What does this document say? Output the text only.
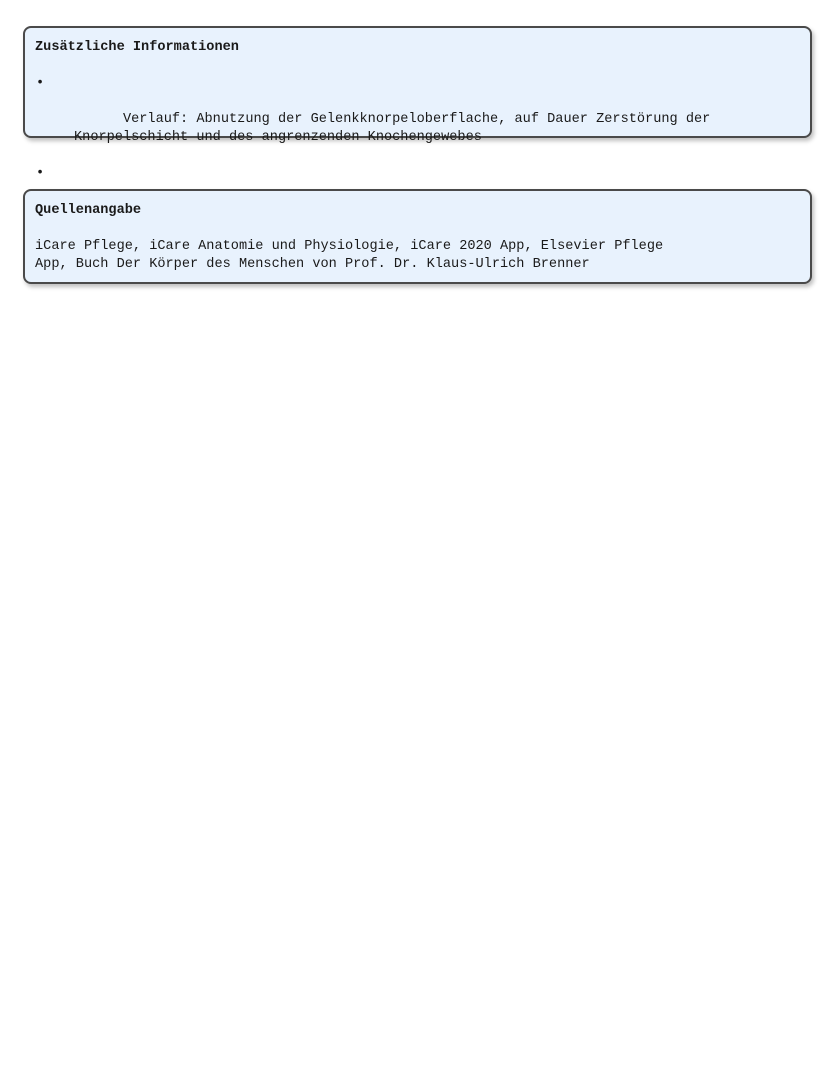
Zusätzliche Informationen

•

Verlauf: Abnutzung der Gelenkknorpeloberflache, auf Dauer Zerstörung der
Knorpelschicht und des angrenzenden Knochengewebes

•

Quellenangabe

iCare Pflege, iCare Anatomie und Physiologie, iCare 2020 App, Elsevier Pflege
App, Buch Der Körper des Menschen von Prof. Dr. Klaus-Ulrich Brenner
